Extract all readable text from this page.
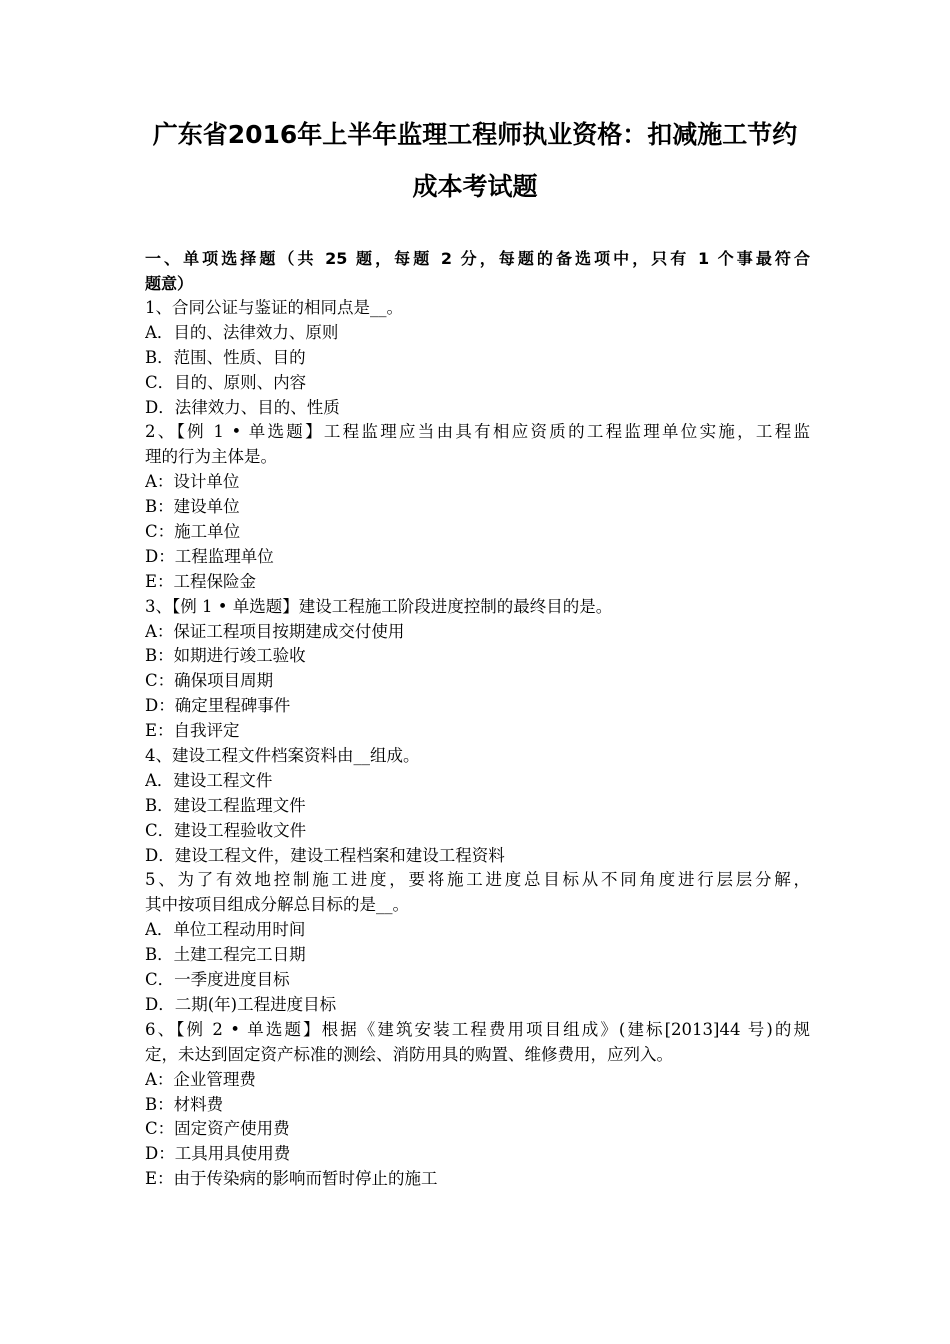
广东省2016年上半年监理工程师执业资格：扣减施工节约
成本考试题
一、单项选择题（共 25 题，每题 2 分，每题的备选项中，只有 1 个事最符合
题意）
1、合同公证与鉴证的相同点是__。
A．目的、法律效力、原则
B．范围、性质、目的
C．目的、原则、内容
D．法律效力、目的、性质
2、【例 1 • 单选题】工程监理应当由具有相应资质的工程监理单位实施，工程监
理的行为主体是。
A：设计单位
B：建设单位
C：施工单位
D：工程监理单位
E：工程保险金
3、【例 1 • 单选题】建设工程施工阶段进度控制的最终目的是。
A：保证工程项目按期建成交付使用
B：如期进行竣工验收
C：确保项目周期
D：确定里程碑事件
E：自我评定
4、建设工程文件档案资料由__组成。
A．建设工程文件
B．建设工程监理文件
C．建设工程验收文件
D．建设工程文件，建设工程档案和建设工程资料
5、为了有效地控制施工进度，要将施工进度总目标从不同角度进行层层分解，
其中按项目组成分解总目标的是__。
A．单位工程动用时间
B．土建工程完工日期
C．一季度进度目标
D．二期(年)工程进度目标
6、【例 2 • 单选题】根据《建筑安装工程费用项目组成》(建标[2013]44 号)的规
定，未达到固定资产标准的测绘、消防用具的购置、维修费用，应列入。
A：企业管理费
B：材料费
C：固定资产使用费
D：工具用具使用费
E：由于传染病的影响而暂时停止的施工
